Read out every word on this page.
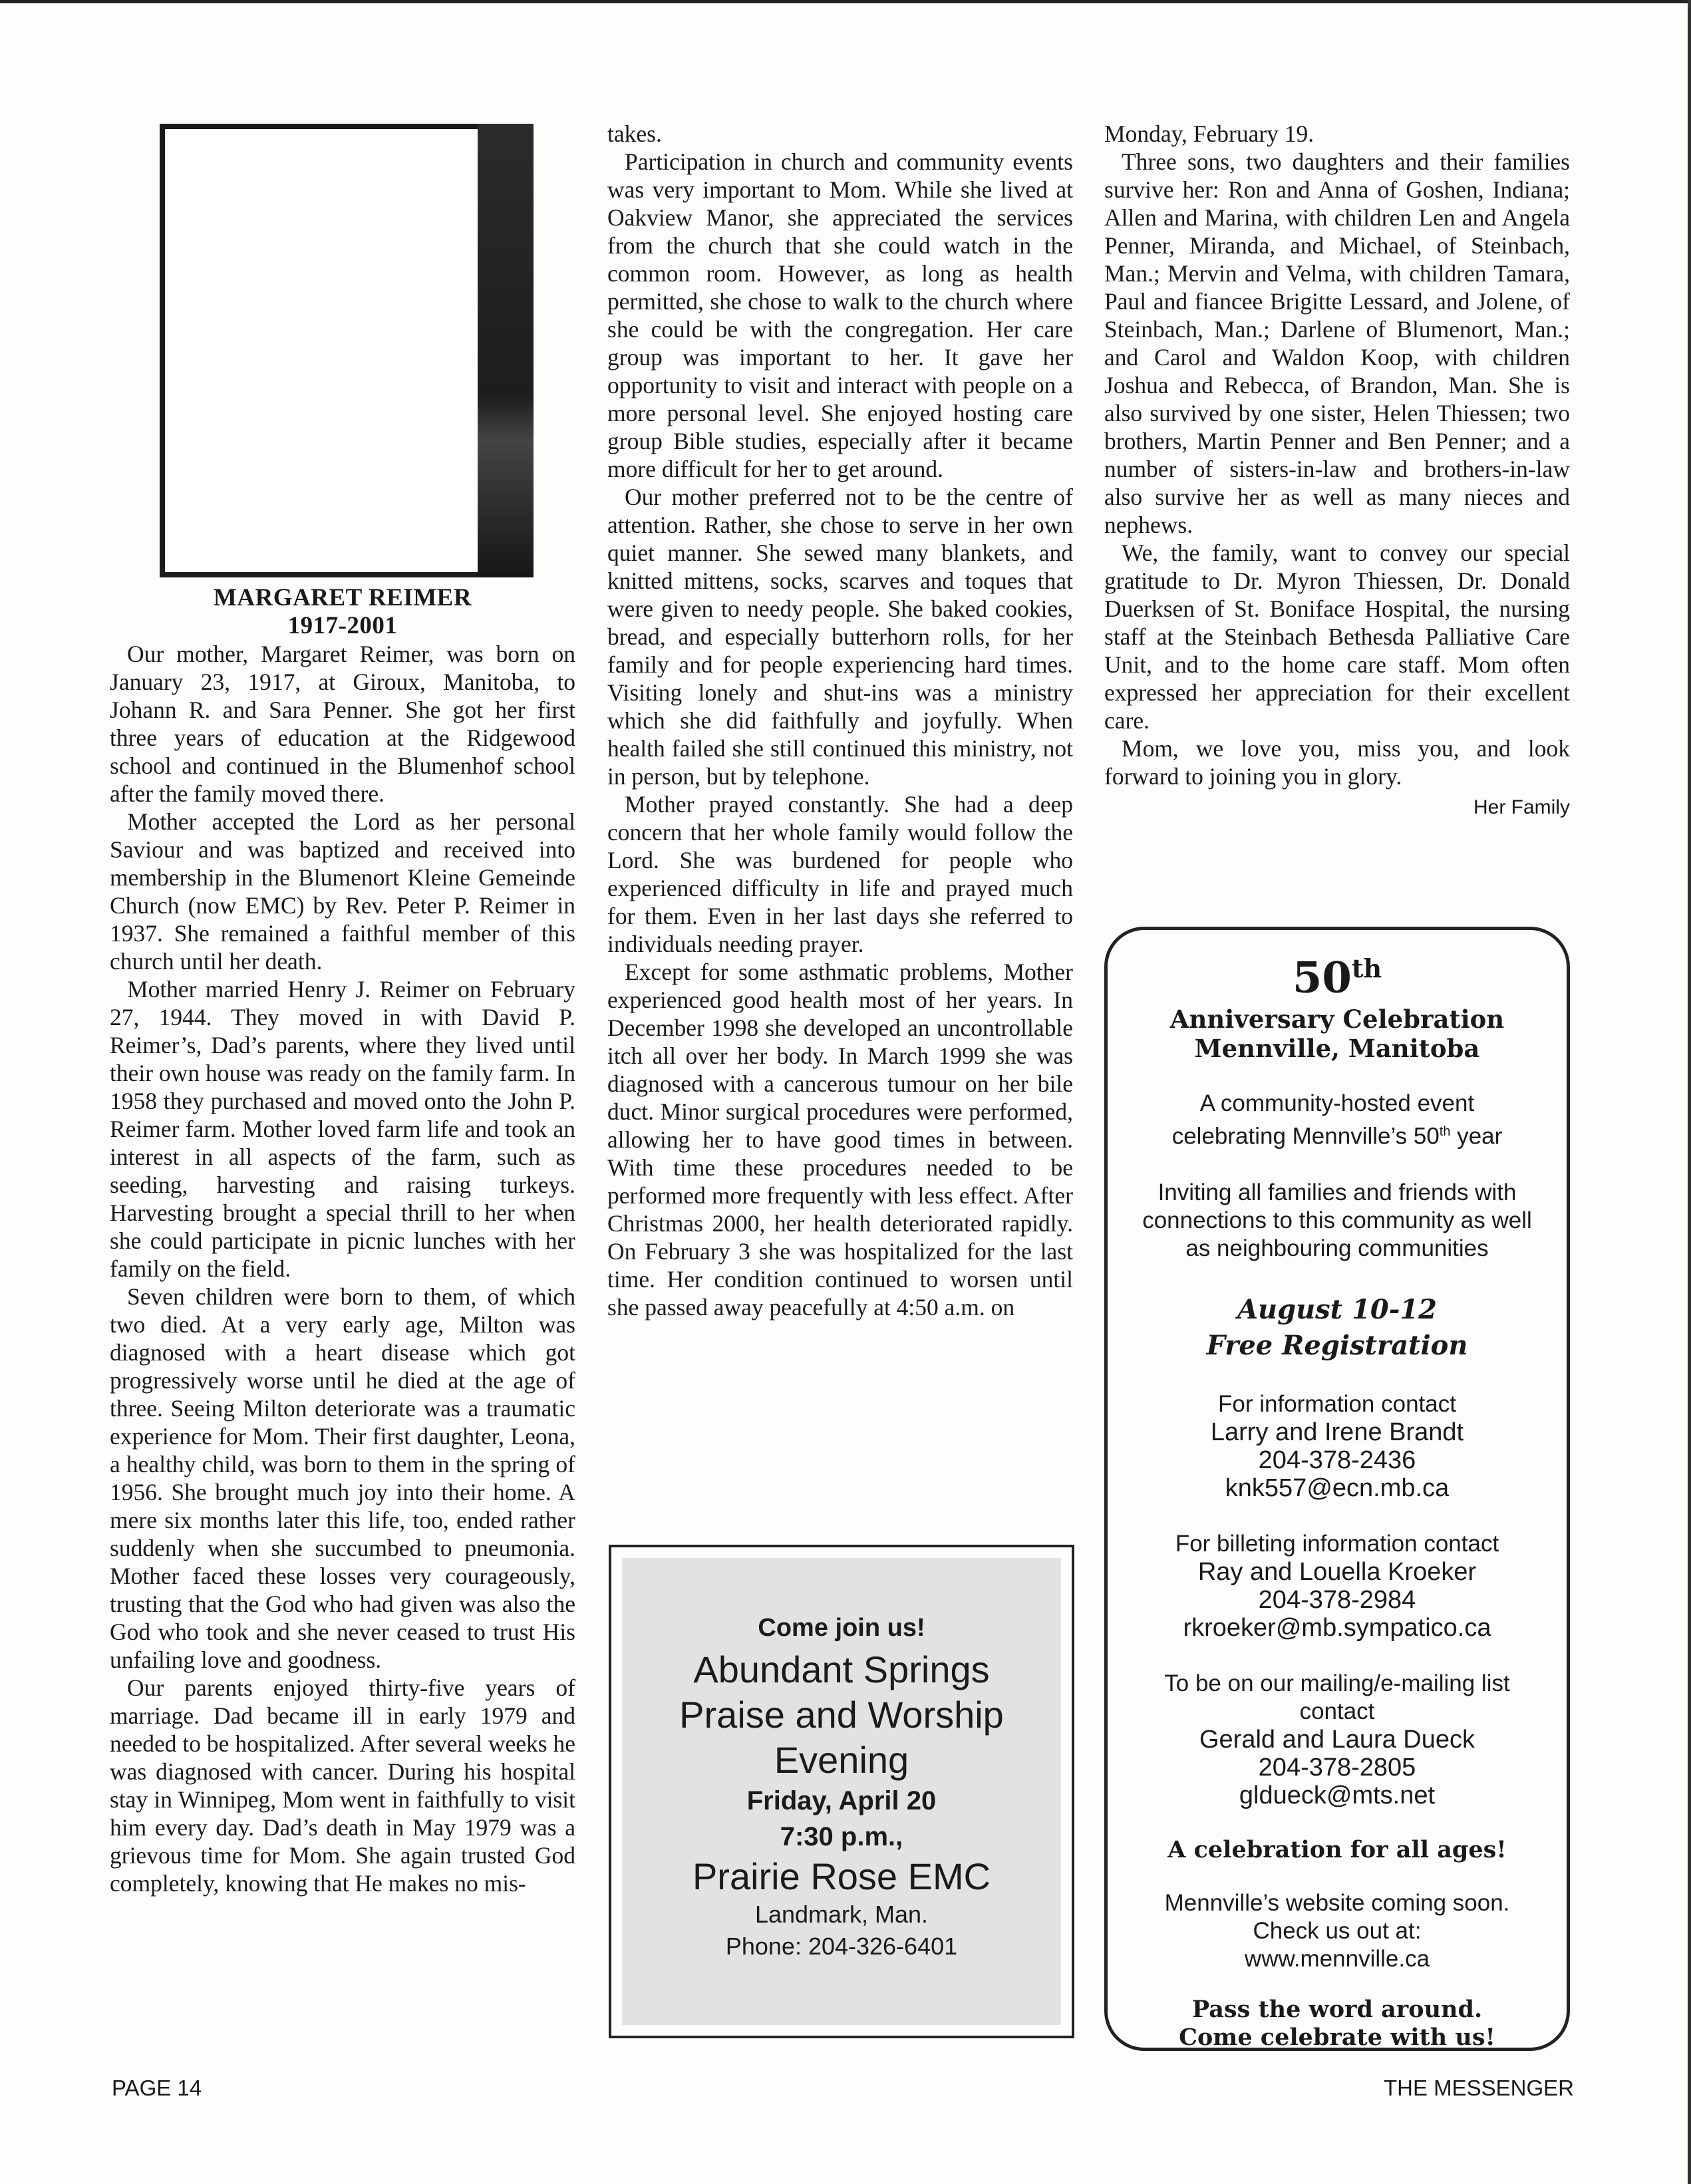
MARGARET REIMER
1917-2001

Our mother, Margaret Reimer, was born on January 23, 1917, at Giroux, Manitoba, to Johann R. and Sara Penner. She got her first three years of education at the Ridgewood school and continued in the Blumenhof school after the family moved there.

Mother accepted the Lord as her personal Saviour and was baptized and received into membership in the Blumenort Kleine Gemeinde Church (now EMC) by Rev. Peter P. Reimer in 1937. She remained a faithful member of this church until her death.

Mother married Henry J. Reimer on February 27, 1944. They moved in with David P. Reimer’s, Dad’s parents, where they lived until their own house was ready on the family farm. In 1958 they purchased and moved onto the John P. Reimer farm. Mother loved farm life and took an interest in all aspects of the farm, such as seeding, harvesting and raising turkeys. Harvesting brought a special thrill to her when she could participate in picnic lunches with her family on the field.

Seven children were born to them, of which two died. At a very early age, Milton was diagnosed with a heart disease which got progressively worse until he died at the age of three. Seeing Milton deteriorate was a traumatic experience for Mom. Their first daughter, Leona, a healthy child, was born to them in the spring of 1956. She brought much joy into their home. A mere six months later this life, too, ended rather suddenly when she succumbed to pneumonia. Mother faced these losses very courageously, trusting that the God who had given was also the God who took and she never ceased to trust His unfailing love and goodness.

Our parents enjoyed thirty-five years of marriage. Dad became ill in early 1979 and needed to be hospitalized. After several weeks he was diagnosed with cancer. During his hospital stay in Winnipeg, Mom went in faithfully to visit him every day. Dad’s death in May 1979 was a grievous time for Mom. She again trusted God completely, knowing that He makes no mis-

takes.

Participation in church and community events was very important to Mom. While she lived at Oakview Manor, she appreciated the services from the church that she could watch in the common room. However, as long as health permitted, she chose to walk to the church where she could be with the congregation. Her care group was important to her. It gave her opportunity to visit and interact with people on a more personal level. She enjoyed hosting care group Bible studies, especially after it became more difficult for her to get around.

Our mother preferred not to be the centre of attention. Rather, she chose to serve in her own quiet manner. She sewed many blankets, and knitted mittens, socks, scarves and toques that were given to needy people. She baked cookies, bread, and especially butterhorn rolls, for her family and for people experiencing hard times. Visiting lonely and shut-ins was a ministry which she did faithfully and joyfully. When health failed she still continued this ministry, not in person, but by telephone.

Mother prayed constantly. She had a deep concern that her whole family would follow the Lord. She was burdened for people who experienced difficulty in life and prayed much for them. Even in her last days she referred to individuals needing prayer.

Except for some asthmatic problems, Mother experienced good health most of her years. In December 1998 she developed an uncontrollable itch all over her body. In March 1999 she was diagnosed with a cancerous tumour on her bile duct. Minor surgical procedures were performed, allowing her to have good times in between. With time these procedures needed to be performed more frequently with less effect. After Christmas 2000, her health deteriorated rapidly. On February 3 she was hospitalized for the last time. Her condition continued to worsen until she passed away peacefully at 4:50 a.m. on

Monday, February 19.

Three sons, two daughters and their families survive her: Ron and Anna of Goshen, Indiana; Allen and Marina, with children Len and Angela Penner, Miranda, and Michael, of Steinbach, Man.; Mervin and Velma, with children Tamara, Paul and fiancee Brigitte Lessard, and Jolene, of Steinbach, Man.; Darlene of Blumenort, Man.; and Carol and Waldon Koop, with children Joshua and Rebecca, of Brandon, Man. She is also survived by one sister, Helen Thiessen; two brothers, Martin Penner and Ben Penner; and a number of sisters-in-law and brothers-in-law also survive her as well as many nieces and nephews.

We, the family, want to convey our special gratitude to Dr. Myron Thiessen, Dr. Donald Duerksen of St. Boniface Hospital, the nursing staff at the Steinbach Bethesda Palliative Care Unit, and to the home care staff. Mom often expressed her appreciation for their excellent care.

Mom, we love you, miss you, and look forward to joining you in glory.

Her Family
Come join us!
Abundant Springs
Praise and Worship
Evening
Friday, April 20
7:30 p.m.,
Prairie Rose EMC
Landmark, Man.
Phone: 204-326-6401
50th
Anniversary Celebration
Mennville, Manitoba
A community-hosted event
celebrating Mennville’s 50th year
Inviting all families and friends with
connections to this community as well
as neighbouring communities
August 10-12
Free Registration
For information contact
Larry and Irene Brandt
204-378-2436
knk557@ecn.mb.ca
For billeting information contact
Ray and Louella Kroeker
204-378-2984
rkroeker@mb.sympatico.ca
To be on our mailing/e-mailing list
contact
Gerald and Laura Dueck
204-378-2805
gldueck@mts.net
A celebration for all ages!
Mennville’s website coming soon.
Check us out at:
www.mennville.ca
Pass the word around.
Come celebrate with us!
PAGE 14	THE MESSENGER
